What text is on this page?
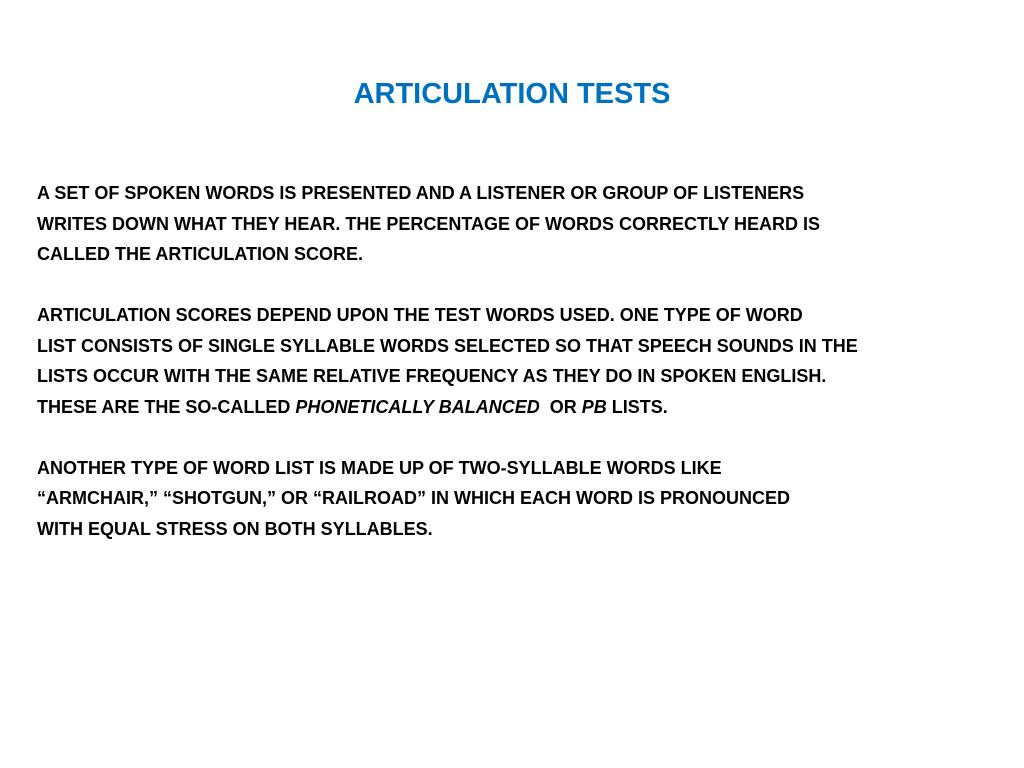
ARTICULATION TESTS
A SET OF SPOKEN WORDS IS PRESENTED AND A LISTENER OR GROUP OF LISTENERS
WRITES DOWN WHAT THEY HEAR. THE PERCENTAGE OF WORDS CORRECTLY HEARD IS
CALLED THE ARTICULATION SCORE.
ARTICULATION SCORES DEPEND UPON THE TEST WORDS USED. ONE TYPE OF WORD
LIST CONSISTS OF SINGLE SYLLABLE WORDS SELECTED SO THAT SPEECH SOUNDS IN THE
LISTS OCCUR WITH THE SAME RELATIVE FREQUENCY AS THEY DO IN SPOKEN ENGLISH.
THESE ARE THE SO-CALLED PHONETICALLY BALANCED  OR PB LISTS.
ANOTHER TYPE OF WORD LIST IS MADE UP OF TWO-SYLLABLE WORDS LIKE
“ARMCHAIR,” “SHOTGUN,” OR “RAILROAD” IN WHICH EACH WORD IS PRONOUNCED
WITH EQUAL STRESS ON BOTH SYLLABLES.
